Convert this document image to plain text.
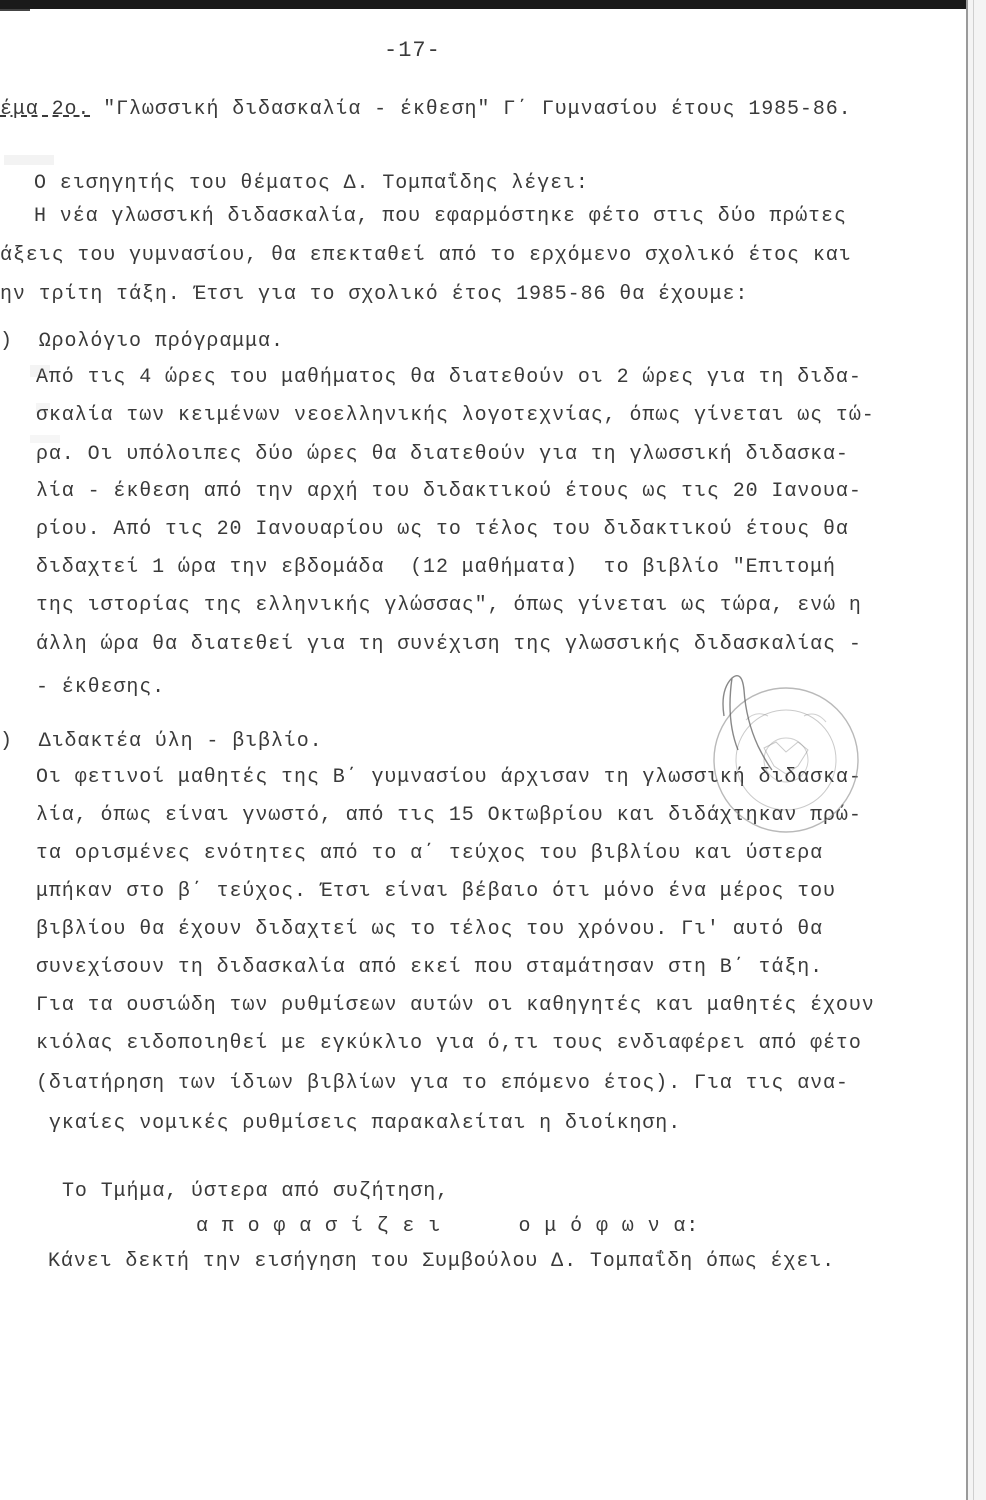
-17-
έμα 2ο. "Γλωσσική διδασκαλία - έκθεση" Γ΄ Γυμνασίου έτους 1985-86.
Ο εισηγητής του θέματος Δ. Τομπαΐδης λέγει:
Η νέα γλωσσική διδασκαλία, που εφαρμόστηκε φέτο στις δύο πρώτες
άξεις του γυμνασίου, θα επεκταθεί από το ερχόμενο σχολικό έτος και
ην τρίτη τάξη. Έτσι για το σχολικό έτος 1985-86 θα έχουμε:
)  Ωρολόγιο πρόγραμμα.
Από τις 4 ώρες του μαθήματος θα διατεθούν οι 2 ώρες για τη διδα-
σκαλία των κειμένων νεοελληνικής λογοτεχνίας, όπως γίνεται ως τώ-
ρα. Οι υπόλοιπες δύο ώρες θα διατεθούν για τη γλωσσική διδασκα-
λία - έκθεση από την αρχή του διδακτικού έτους ως τις 20 Ιανουα-
ρίου. Από τις 20 Ιανουαρίου ως το τέλος του διδακτικού έτους θα
διδαχτεί 1 ώρα την εβδομάδα  (12 μαθήματα)  το βιβλίο "Επιτομή
της ιστορίας της ελληνικής γλώσσας", όπως γίνεται ως τώρα, ενώ η
άλλη ώρα θα διατεθεί για τη συνέχιση της γλωσσικής διδασκαλίας -
- έκθεσης.
)  Διδακτέα ύλη - βιβλίο.
Οι φετινοί μαθητές της Β΄ γυμνασίου άρχισαν τη γλωσσική διδασκα-
λία, όπως είναι γνωστό, από τις 15 Οκτωβρίου και διδάχτηκαν πρώ-
τα ορισμένες ενότητες από το α΄ τεύχος του βιβλίου και ύστερα
μπήκαν στο β΄ τεύχος. Έτσι είναι βέβαιο ότι μόνο ένα μέρος του
βιβλίου θα έχουν διδαχτεί ως το τέλος του χρόνου. Γι' αυτό θα
συνεχίσουν τη διδασκαλία από εκεί που σταμάτησαν στη Β΄ τάξη.
Για τα ουσιώδη των ρυθμίσεων αυτών οι καθηγητές και μαθητές έχουν
κιόλας ειδοποιηθεί με εγκύκλιο για ό,τι τους ενδιαφέρει από φέτο
(διατήρηση των ίδιων βιβλίων για το επόμενο έτος). Για τις ανα-
γκαίες νομικές ρυθμίσεις παρακαλείται η διοίκηση.
Το Τμήμα, ύστερα από συζήτηση,
α π ο φ α σ ί ζ ε ι      ο μ ό φ ω ν α:
Κάνει δεκτή την εισήγηση του Συμβούλου Δ. Τομπαΐδη όπως έχει.
